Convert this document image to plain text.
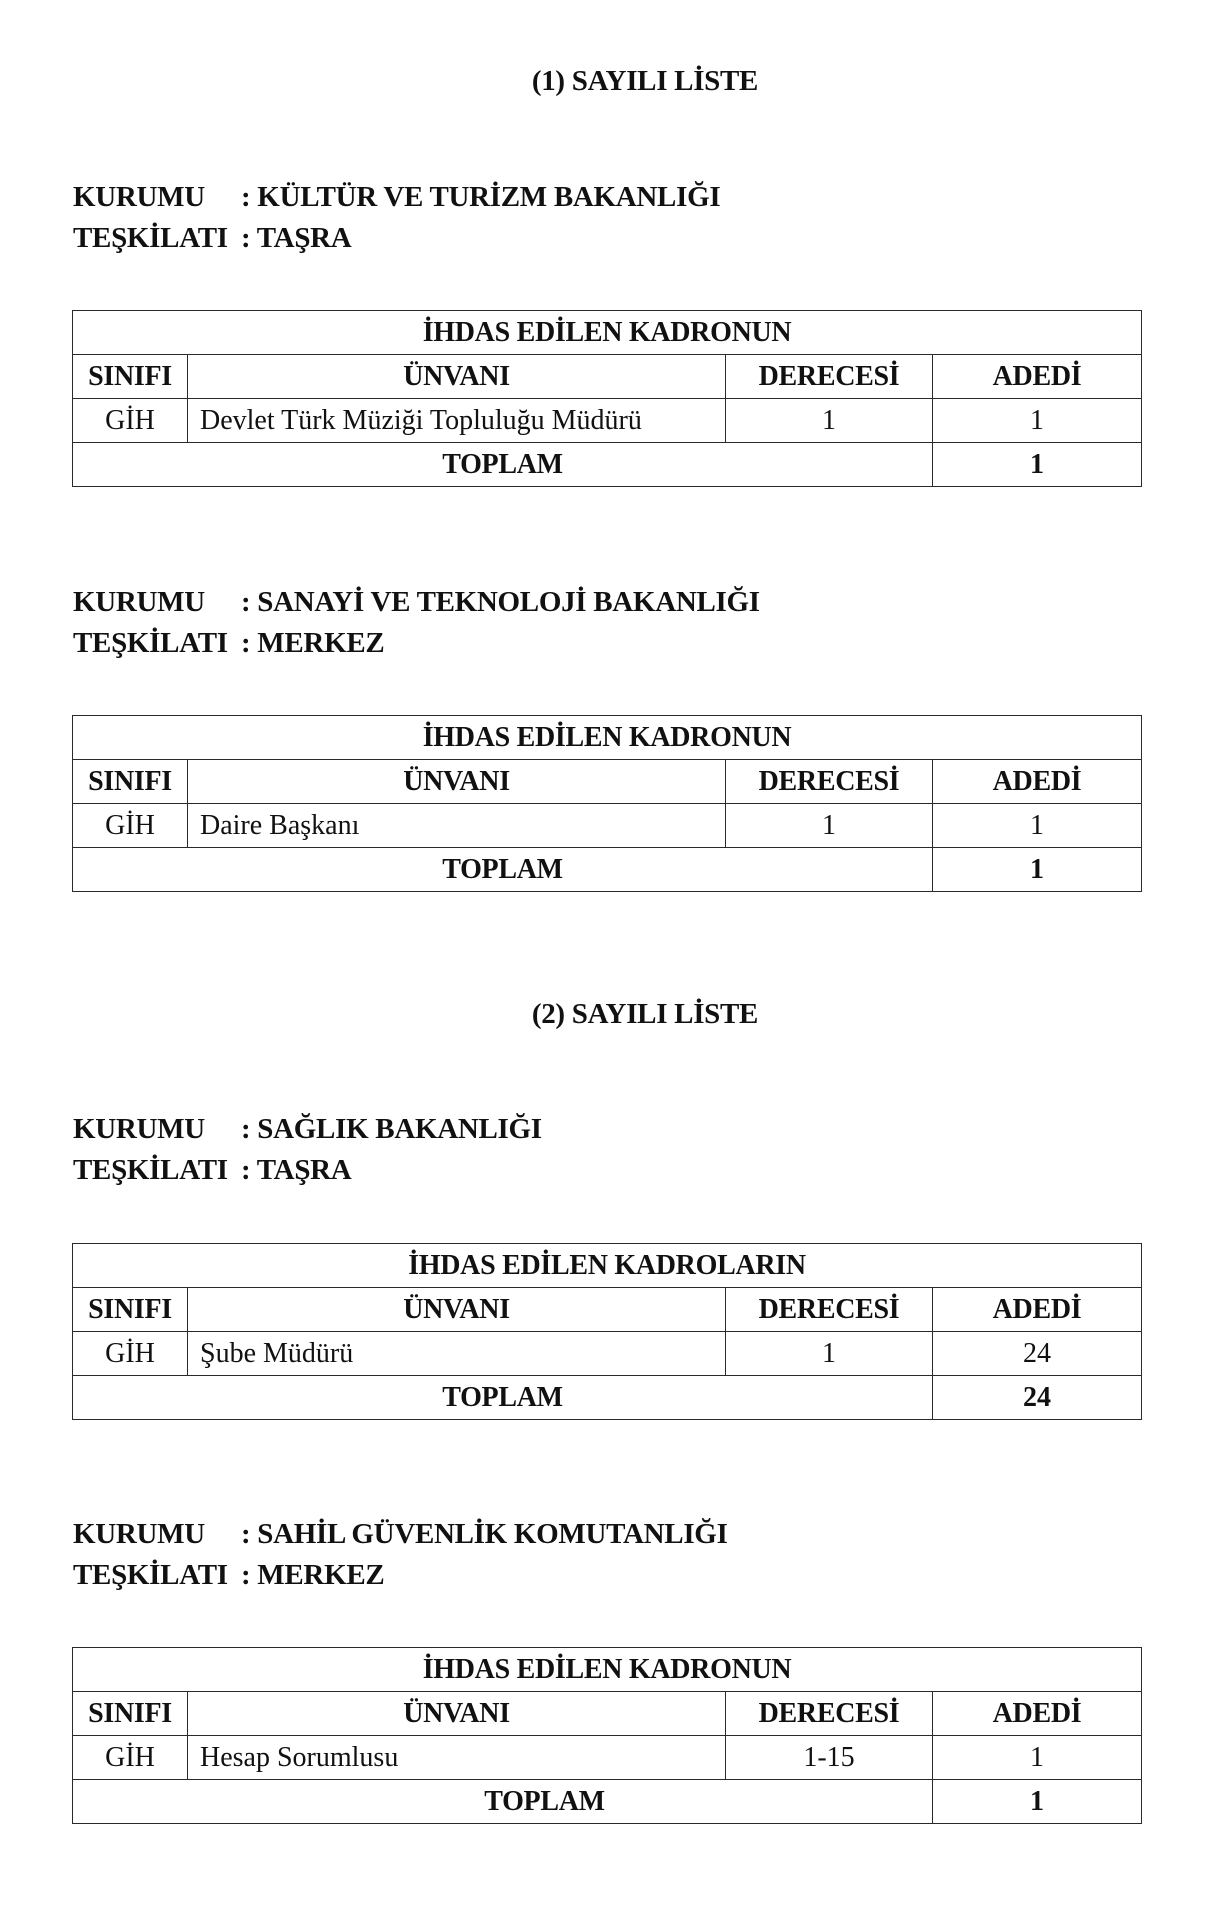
(1) SAYILI LİSTE
KURUMU	: KÜLTÜR VE TURİZM BAKANLIĞI
TEŞKİLATI : TAŞRA
İHDAS EDİLEN KADRONUN			
SINIFI	ÜNVANI	DERECESİ	ADEDİ
GİH	Devlet Türk Müziği Topluluğu Müdürü	1	1
TOPLAM			1
KURUMU	: SANAYİ VE TEKNOLOJİ BAKANLIĞI
TEŞKİLATI : MERKEZ
İHDAS EDİLEN KADRONUN			
SINIFI	ÜNVANI	DERECESİ	ADEDİ
GİH	Daire Başkanı	1	1
TOPLAM			1
(2) SAYILI LİSTE
KURUMU	: SAĞLIK BAKANLIĞI
TEŞKİLATI : TAŞRA
İHDAS EDİLEN KADROLARIN			
SINIFI	ÜNVANI	DERECESİ	ADEDİ
GİH	Şube Müdürü	1	24
TOPLAM			24
KURUMU	: SAHİL GÜVENLİK KOMUTANLIĞI
TEŞKİLATI : MERKEZ
İHDAS EDİLEN KADRONUN			
SINIFI	ÜNVANI	DERECESİ	ADEDİ
GİH	Hesap Sorumlusu	1-15	1
TOPLAM			1
